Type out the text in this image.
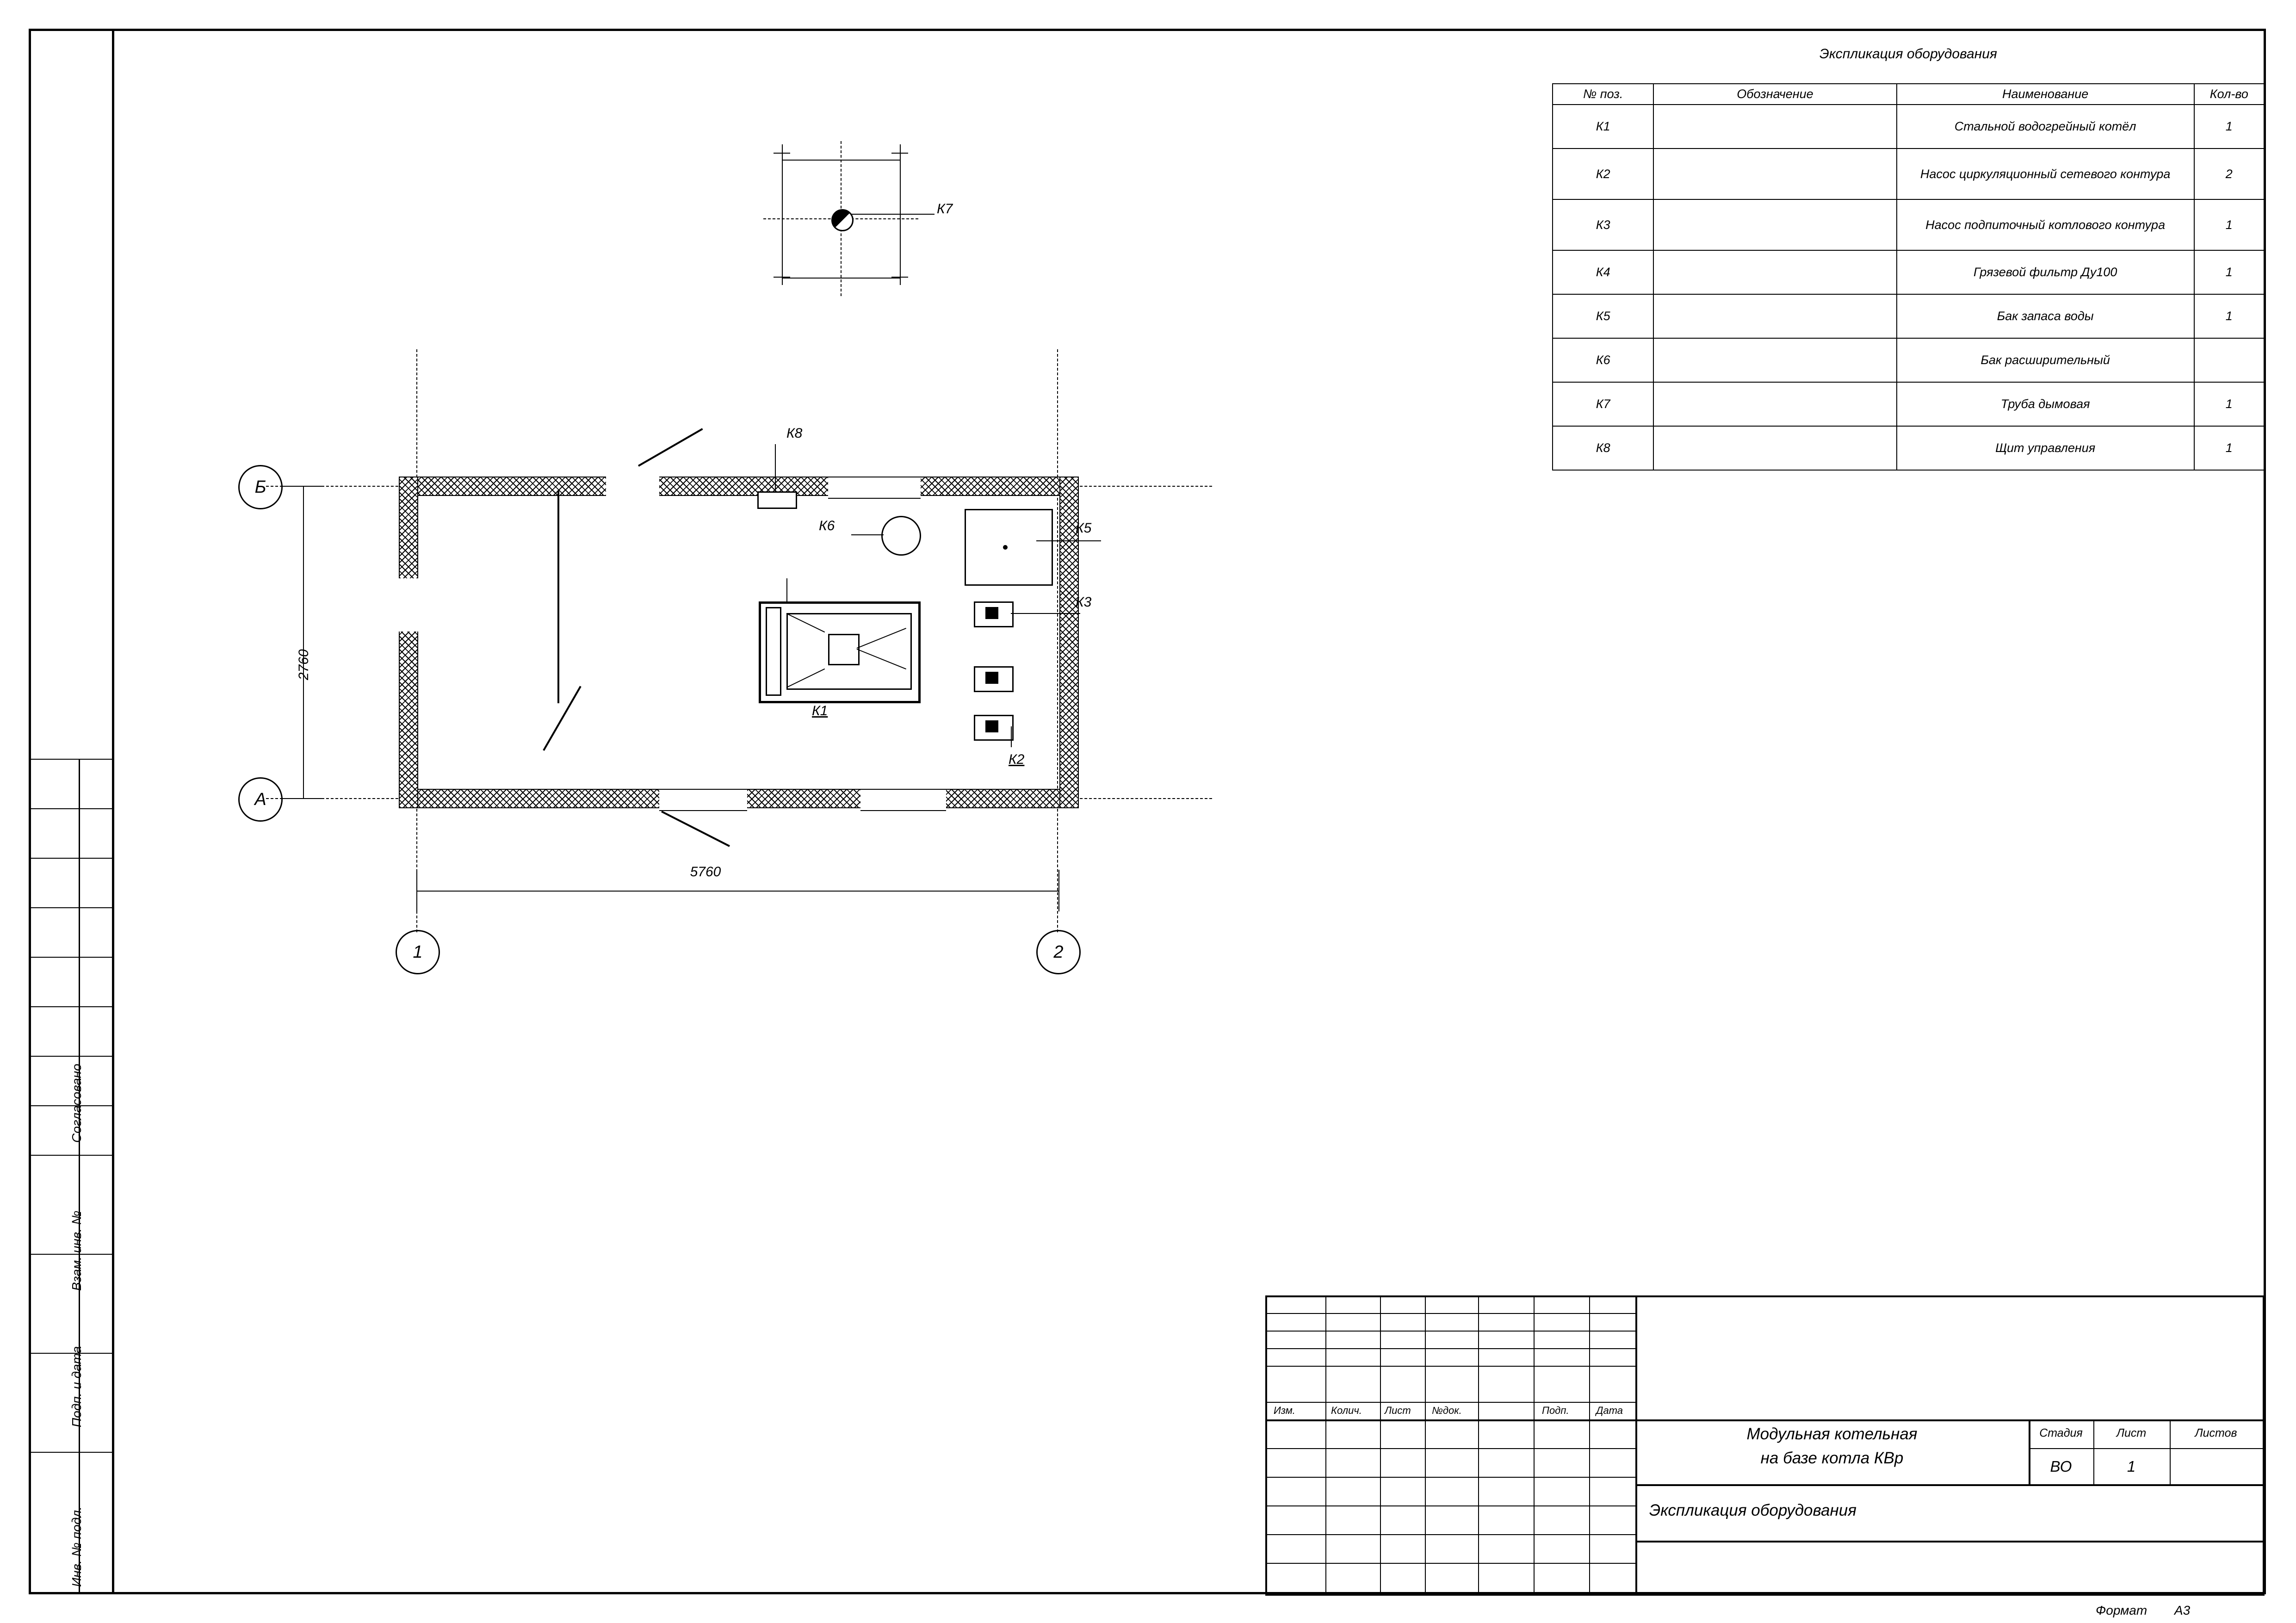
Согласовано
Взам. инв. №
Подп. и дата
Инв. № подл.
Экспликация оборудования
№ поз.	Обозначение	Наименование	Кол-во
К1		Стальной водогрейный котёл	1
К2		Насос циркуляционный сетевого контура	2
К3		Насос подпиточный котлового контура	1
К4		Грязевой фильтр Ду100	1
К5		Бак запаса воды	1
К6		Бак расширительный	
К7		Труба дымовая	1
К8		Щит управления	1
К7
К8
К6	К5
К1
К3
К2
Б
А
1	2
2760
5760
Изм.	Колич. Лист №док.	Подп.	Дата
Модульная котельная
на базе котла КВр
Стадия	Лист	Листов
ВО	1
Экспликация оборудования
Формат А3
